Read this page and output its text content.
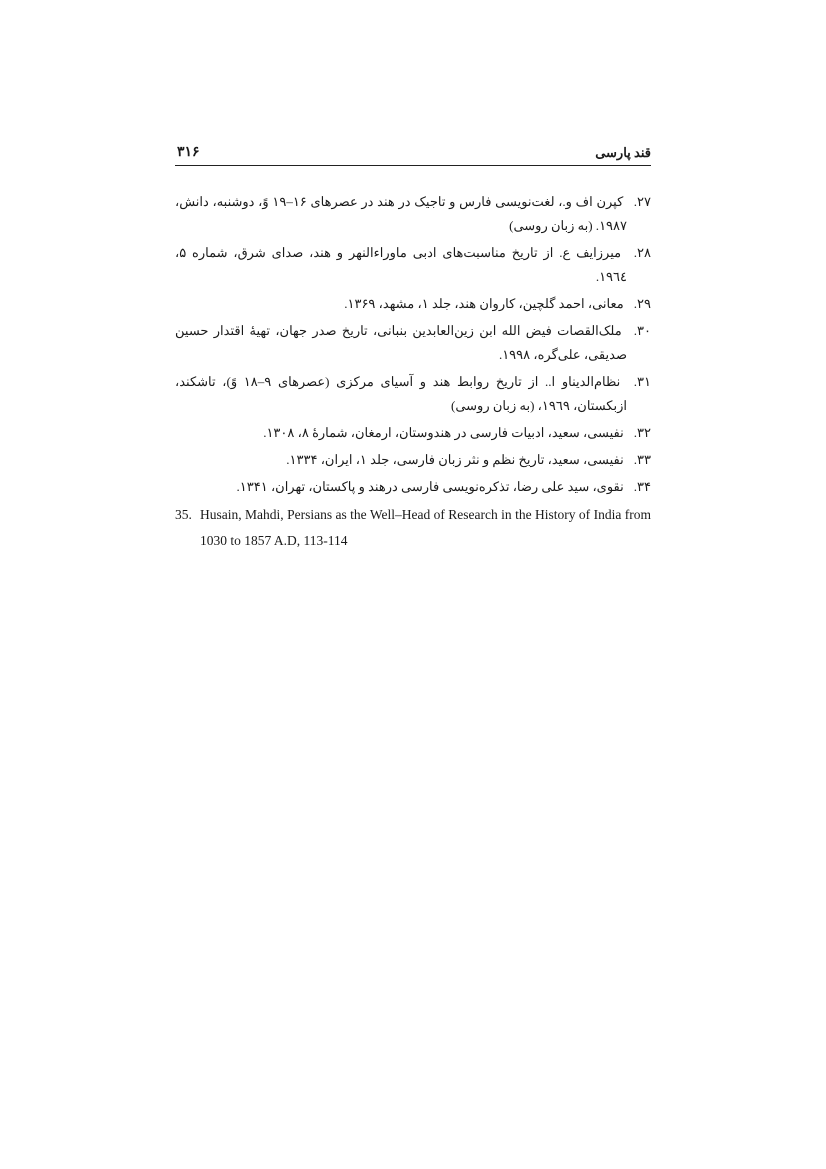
قند پارسی
۳۱۶

۲۷. کپرن اف و.، لغت‌نویسی فارس و تاجیک در هند در عصرهای ۱۶–۱۹ و‌ً، دوشنبه، دانش، ۱۹۸۷. (به زبان روسی)

۲۸. میرزایف ع. از تاریخ مناسبت‌های ادبی ماوراءالنهر و هند، صدای شرق، شماره ۵، ۱۹٦٤.

۲۹. معانی، احمد گلچین، کاروان هند، جلد ۱، مشهد، ۱۳۶۹.

۳۰. ملک‌القصات فیض الله ابن زین‌العابدین بنبانی، تاریخ صدر جهان، تهیهٔ اقتدار حسین صدیقی، علی‌گره، ۱۹۹۸.

۳۱. نظام‌الدیناو ا.. از تاریخ روابط هند و آسیای مرکزی (عصرهای ۹–۱۸ و‌ً)، تاشکند، ازبکستان، ۱۹٦۹، (به زبان روسی)

۳۲. نفیسی، سعید، ادبیات فارسی در هندوستان، ارمغان، شمارهٔ ۸، ۱۳۰۸.

۳۳. نفیسی، سعید، تاریخ نظم و نثر زبان فارسی، جلد ۱، ایران، ۱۳۳۴.

۳۴. نقوی، سید علی رضا، تذکره‌نویسی فارسی درهند و پاکستان، تهران، ۱۳۴۱.

35. Husain, Mahdi, Persians as the Well–Head of Research in the History of India from 1030 to 1857 A.D, 113-114
